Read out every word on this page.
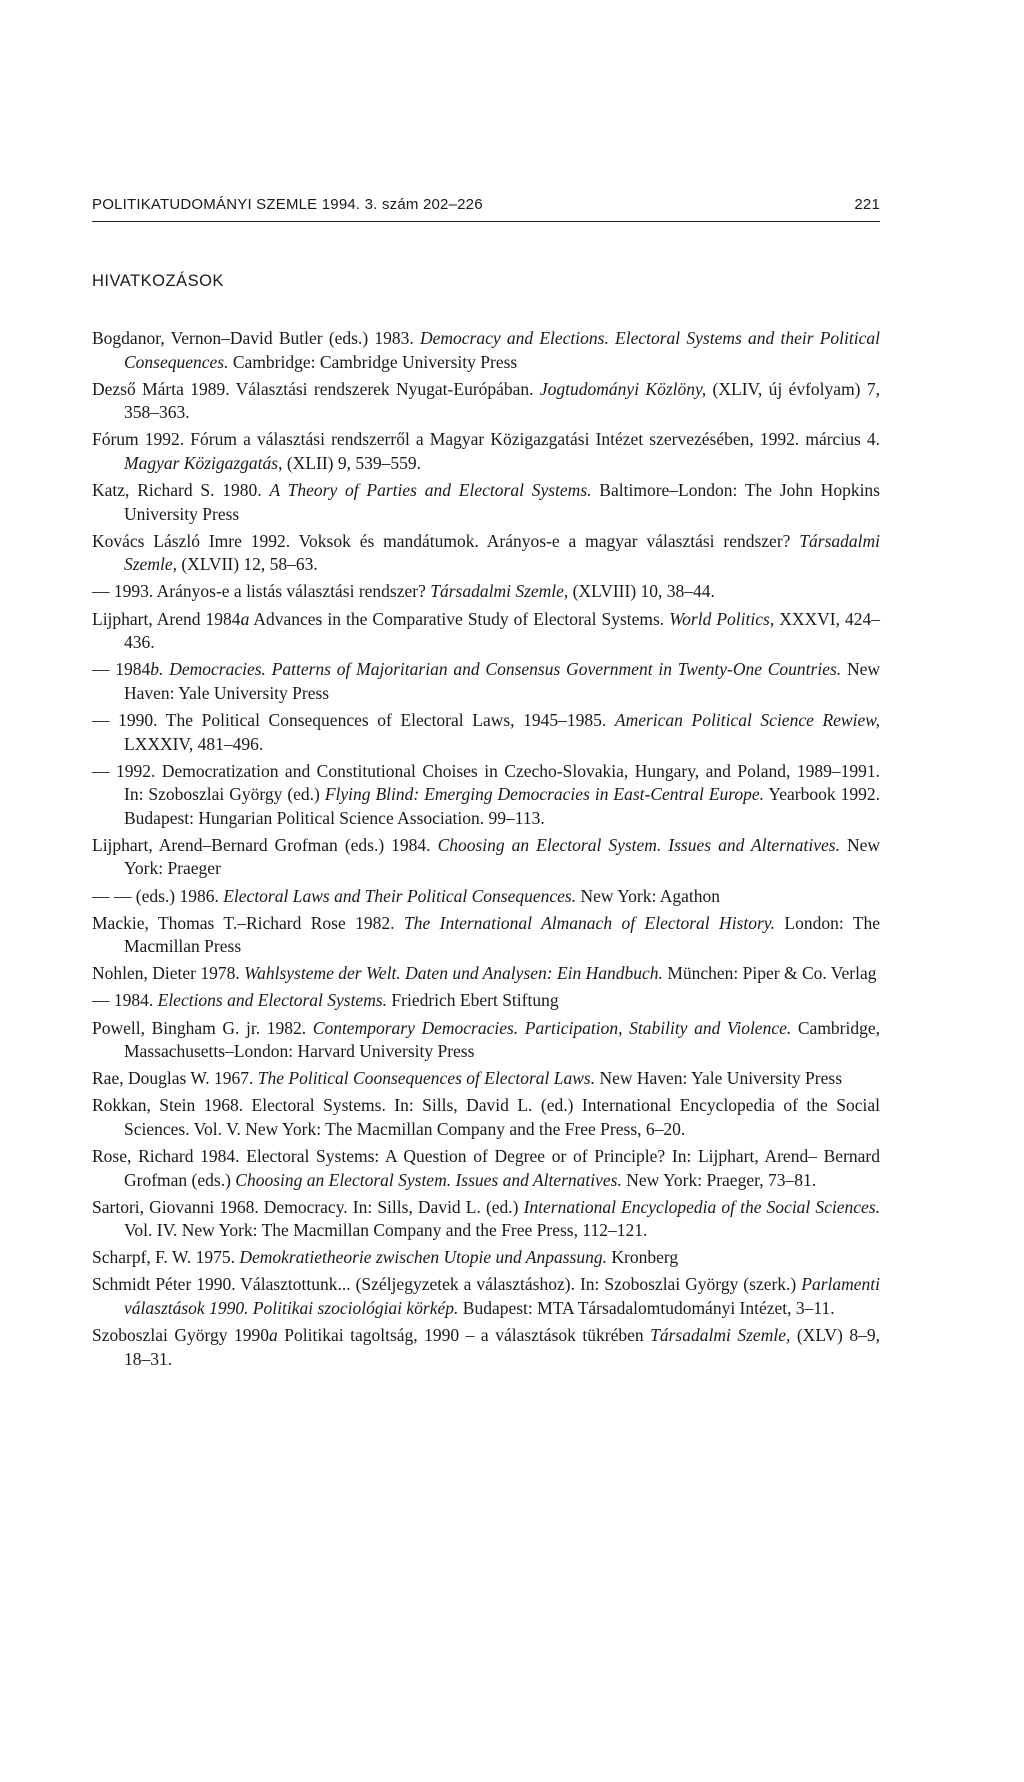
POLITIKATUDOMÁNYI SZEMLE 1994. 3. szám 202–226	221
HIVATKOZÁSOK
Bogdanor, Vernon–David Butler (eds.) 1983. Democracy and Elections. Electoral Systems and their Political Consequences. Cambridge: Cambridge University Press
Dezső Márta 1989. Választási rendszerek Nyugat-Európában. Jogtudományi Közlöny, (XLIV, új évfolyam) 7, 358–363.
Fórum 1992. Fórum a választási rendszerről a Magyar Közigazgatási Intézet szervezésében, 1992. március 4. Magyar Közigazgatás, (XLII) 9, 539–559.
Katz, Richard S. 1980. A Theory of Parties and Electoral Systems. Baltimore–London: The John Hopkins University Press
Kovács László Imre 1992. Voksok és mandátumok. Arányos-e a magyar választási rendszer? Társadalmi Szemle, (XLVII) 12, 58–63.
— 1993. Arányos-e a listás választási rendszer? Társadalmi Szemle, (XLVIII) 10, 38–44.
Lijphart, Arend 1984a Advances in the Comparative Study of Electoral Systems. World Politics, XXXVI, 424–436.
— 1984b. Democracies. Patterns of Majoritarian and Consensus Government in Twenty-One Countries. New Haven: Yale University Press
— 1990. The Political Consequences of Electoral Laws, 1945–1985. American Political Science Rewiew, LXXXIV, 481–496.
— 1992. Democratization and Constitutional Choises in Czecho-Slovakia, Hungary, and Poland, 1989–1991. In: Szoboszlai György (ed.) Flying Blind: Emerging Democracies in East-Central Europe. Yearbook 1992. Budapest: Hungarian Political Science Association. 99–113.
Lijphart, Arend–Bernard Grofman (eds.) 1984. Choosing an Electoral System. Issues and Alternatives. New York: Praeger
— — (eds.) 1986. Electoral Laws and Their Political Consequences. New York: Agathon
Mackie, Thomas T.–Richard Rose 1982. The International Almanach of Electoral History. London: The Macmillan Press
Nohlen, Dieter 1978. Wahlsysteme der Welt. Daten und Analysen: Ein Handbuch. München: Piper & Co. Verlag
— 1984. Elections and Electoral Systems. Friedrich Ebert Stiftung
Powell, Bingham G. jr. 1982. Contemporary Democracies. Participation, Stability and Violence. Cambridge, Massachusetts–London: Harvard University Press
Rae, Douglas W. 1967. The Political Coonsequences of Electoral Laws. New Haven: Yale University Press
Rokkan, Stein 1968. Electoral Systems. In: Sills, David L. (ed.) International Encyclopedia of the Social Sciences. Vol. V. New York: The Macmillan Company and the Free Press, 6–20.
Rose, Richard 1984. Electoral Systems: A Question of Degree or of Principle? In: Lijphart, Arend– Bernard Grofman (eds.) Choosing an Electoral System. Issues and Alternatives. New York: Praeger, 73–81.
Sartori, Giovanni 1968. Democracy. In: Sills, David L. (ed.) International Encyclopedia of the Social Sciences. Vol. IV. New York: The Macmillan Company and the Free Press, 112–121.
Scharpf, F. W. 1975. Demokratietheorie zwischen Utopie und Anpassung. Kronberg
Schmidt Péter 1990. Választottunk... (Széljegyzetek a választáshoz). In: Szoboszlai György (szerk.) Parlamenti választások 1990. Politikai szociológiai körkép. Budapest: MTA Társadalomtudományi Intézet, 3–11.
Szoboszlai György 1990a Politikai tagoltság, 1990 – a választások tükrében Társadalmi Szemle, (XLV) 8–9, 18–31.
